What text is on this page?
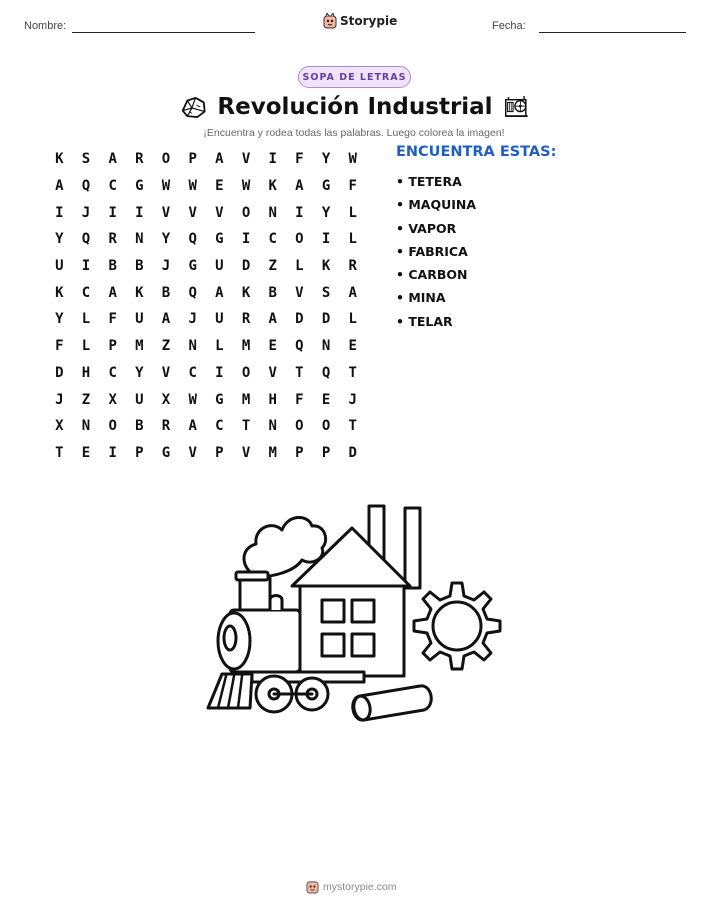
Nombre:	Storypie	Fecha:
SOPA DE LETRAS
Revolución Industrial
¡Encuentra y rodea todas las palabras. Luego colorea la imagen!
K	S	A	R	O	P	A	V	I	F	Y	W
A	Q	C	G	W	W	E	W	K	A	G	F
I	J	I	I	V	V	V	O	N	I	Y	L
Y	Q	R	N	Y	Q	G	I	C	O	I	L
U	I	B	B	J	G	U	D	Z	L	K	R
K	C	A	K	B	Q	A	K	B	V	S	A
Y	L	F	U	A	J	U	R	A	D	D	L
F	L	P	M	Z	N	L	M	E	Q	N	E
D	H	C	Y	V	C	I	O	V	T	Q	T
J	Z	X	U	X	W	G	M	H	F	E	J
X	N	O	B	R	A	C	T	N	O	O	T
T	E	I	P	G	V	P	V	M	P	P	D
ENCUENTRA ESTAS:
• TETERA
• MAQUINA
• VAPOR
• FABRICA
• CARBON
• MINA
• TELAR
mystorypie.com
